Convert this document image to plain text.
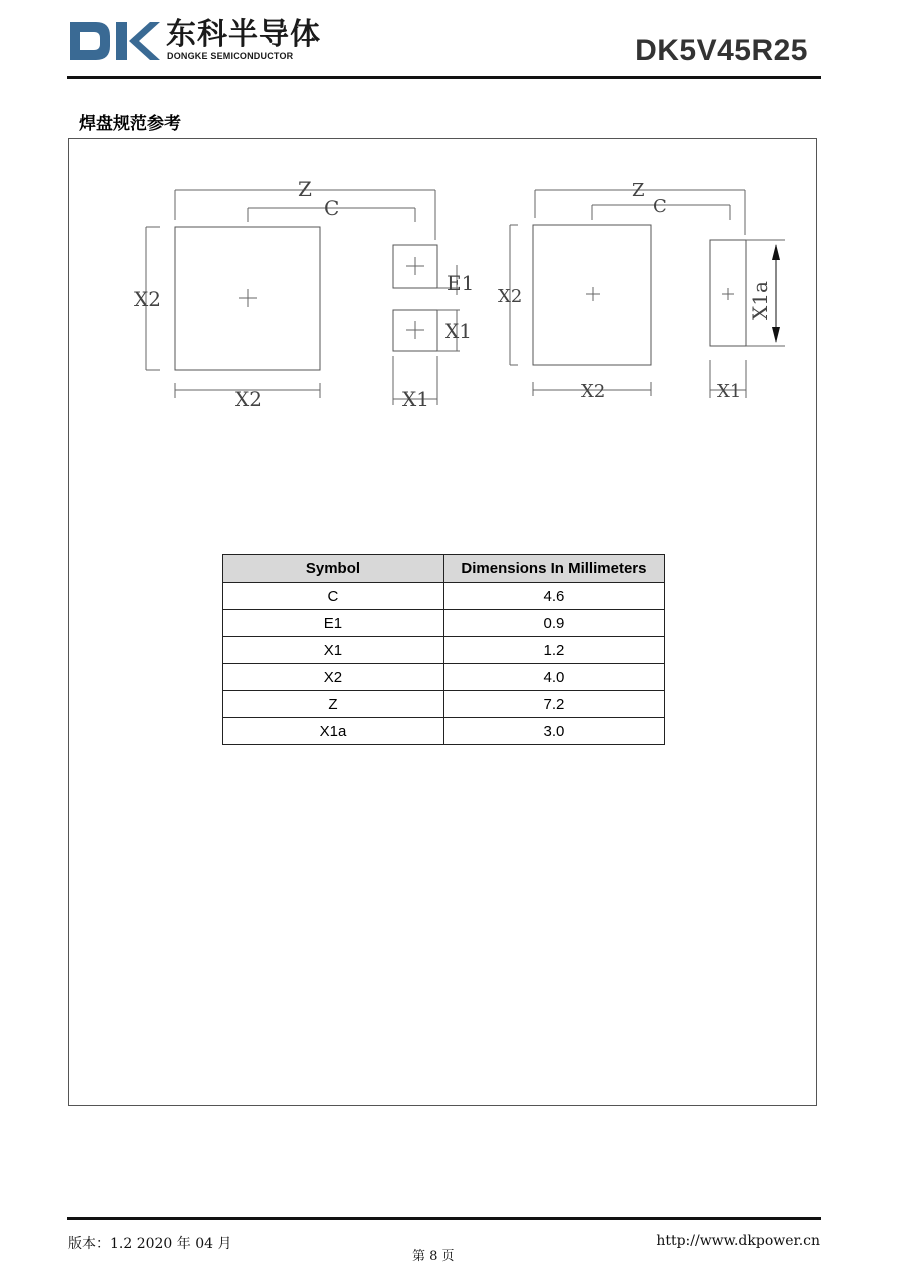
东科半导体
DONGKE SEMICONDUCTOR	DK5V45R25
焊盘规范参考
Z
C
X2
X2
E1
X1
X1
Z
C
X2
X2
X1a
X1
Symbol	Dimensions In Millimeters
C	4.6
E1	0.9
X1	1.2
X2	4.0
Z	7.2
X1a	3.0
版本：1.2 2020 年 04 月
第 8 页
http://www.dkpower.cn
